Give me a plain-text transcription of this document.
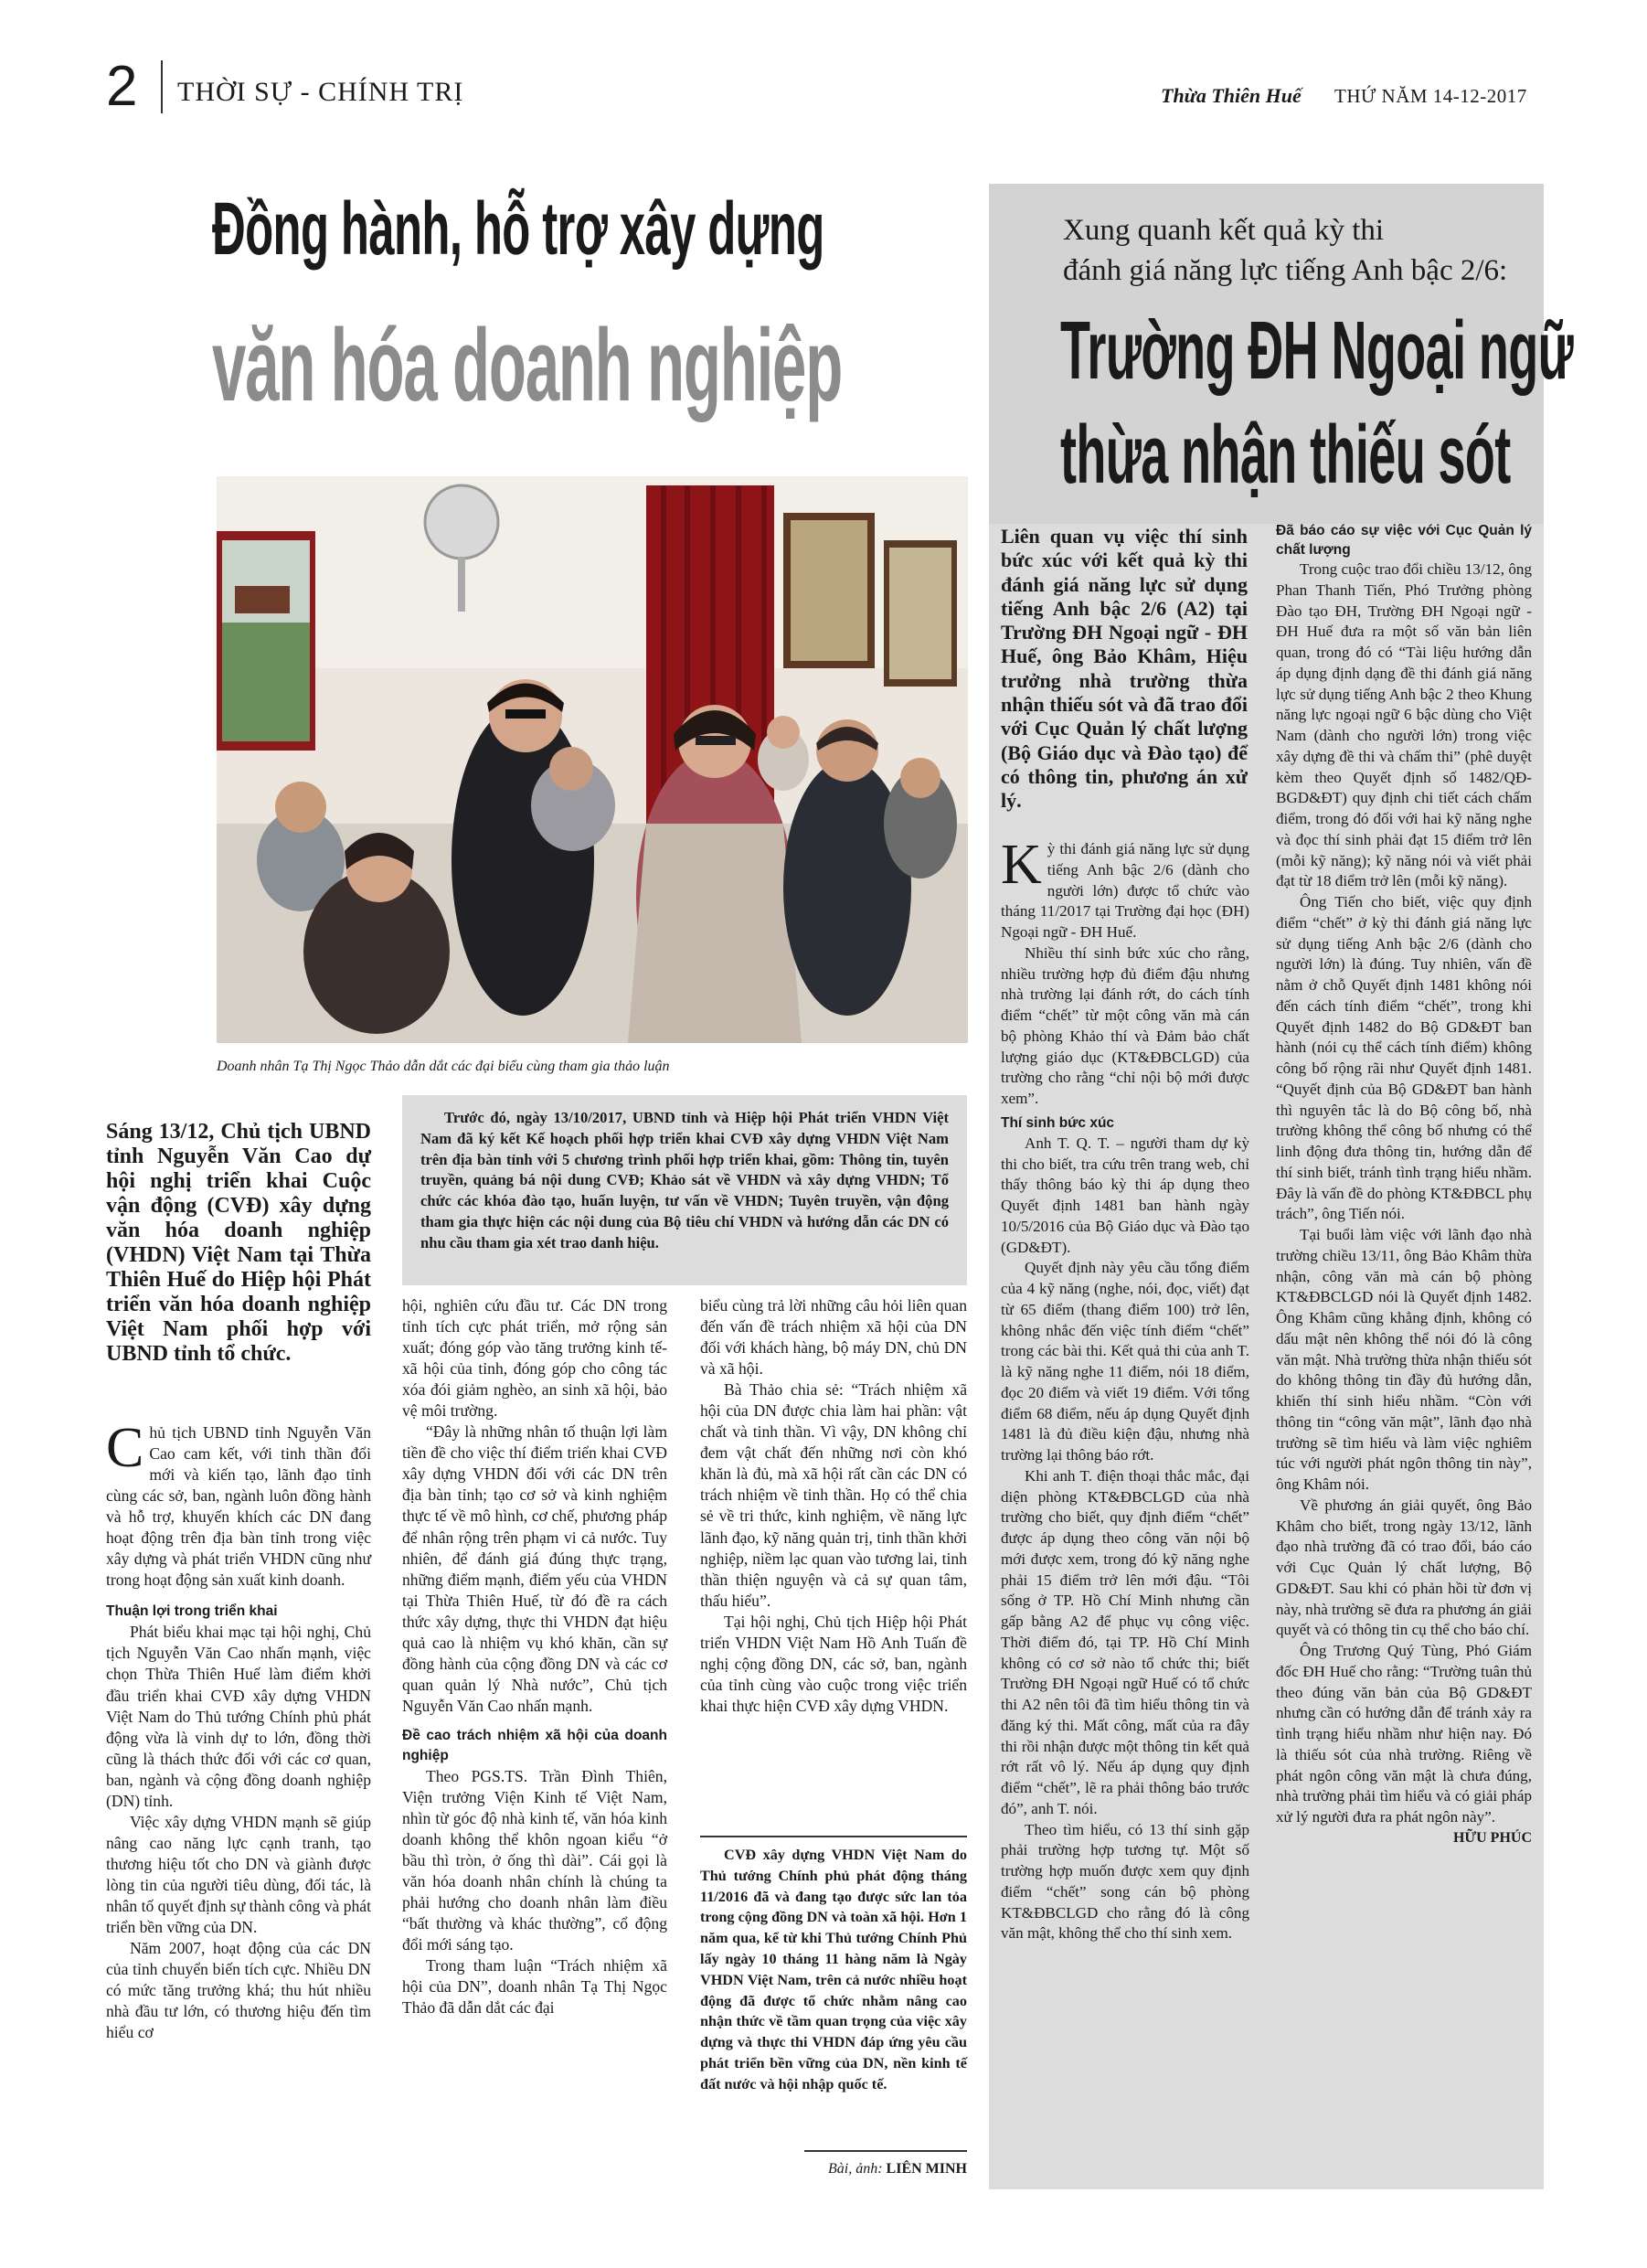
2 THỜI SỰ - CHÍNH TRỊ	Thừa Thiên Huế THỨ NĂM 14-12-2017
Đồng hành, hỗ trợ xây dựng
văn hóa doanh nghiệp
Doanh nhân Tạ Thị Ngọc Thảo dẫn dắt các đại biểu cùng tham gia thảo luận
Sáng 13/12, Chủ tịch UBND tỉnh Nguyễn Văn Cao dự hội nghị triển khai Cuộc vận động (CVĐ) xây dựng văn hóa doanh nghiệp (VHDN) Việt Nam tại Thừa Thiên Huế do Hiệp hội Phát triển văn hóa doanh nghiệp Việt Nam phối hợp với UBND tỉnh tổ chức.

Trước đó, ngày 13/10/2017, UBND tỉnh và Hiệp hội Phát triển VHDN Việt Nam đã ký kết Kế hoạch phối hợp triển khai CVĐ xây dựng VHDN Việt Nam trên địa bàn tỉnh với 5 chương trình phối hợp triển khai, gồm: Thông tin, tuyên truyền, quảng bá nội dung CVĐ; Khảo sát về VHDN và xây dựng VHDN; Tổ chức các khóa đào tạo, huấn luyện, tư vấn về VHDN; Tuyên truyền, vận động tham gia thực hiện các nội dung của Bộ tiêu chí VHDN và hướng dẫn các DN có nhu cầu tham gia xét trao danh hiệu.

Chủ tịch UBND tỉnh Nguyễn Văn Cao cam kết, với tinh thần đổi mới và kiến tạo, lãnh đạo tỉnh cùng các sở, ban, ngành luôn đồng hành và hỗ trợ, khuyến khích các DN đang hoạt động trên địa bàn tỉnh trong việc xây dựng và phát triển VHDN cũng như trong hoạt động sản xuất kinh doanh.

Thuận lợi trong triển khai

Phát biểu khai mạc tại hội nghị, Chủ tịch Nguyễn Văn Cao nhấn mạnh, việc chọn Thừa Thiên Huế làm điểm khởi đầu triển khai CVĐ xây dựng VHDN Việt Nam do Thủ tướng Chính phủ phát động vừa là vinh dự to lớn, đồng thời cũng là thách thức đối với các cơ quan, ban, ngành và cộng đồng doanh nghiệp (DN) tỉnh.

Việc xây dựng VHDN mạnh sẽ giúp nâng cao năng lực cạnh tranh, tạo thương hiệu tốt cho DN và giành được lòng tin của người tiêu dùng, đối tác, là nhân tố quyết định sự thành công và phát triển bền vững của DN.

Năm 2007, hoạt động của các DN của tỉnh chuyển biến tích cực. Nhiều DN có mức tăng trưởng khá; thu hút nhiều nhà đầu tư lớn, có thương hiệu đến tìm hiểu cơ

hội, nghiên cứu đầu tư. Các DN trong tỉnh tích cực phát triển, mở rộng sản xuất; đóng góp vào tăng trưởng kinh tế- xã hội của tỉnh, đóng góp cho công tác xóa đói giảm nghèo, an sinh xã hội, bảo vệ môi trường.

“Đây là những nhân tố thuận lợi làm tiền đề cho việc thí điểm triển khai CVĐ xây dựng VHDN đối với các DN trên địa bàn tỉnh; tạo cơ sở và kinh nghiệm thực tế về mô hình, cơ chế, phương pháp để nhân rộng trên phạm vi cả nước. Tuy nhiên, để đánh giá đúng thực trạng, những điểm mạnh, điểm yếu của VHDN tại Thừa Thiên Huế, từ đó đề ra cách thức xây dựng, thực thi VHDN đạt hiệu quả cao là nhiệm vụ khó khăn, cần sự đồng hành của cộng đồng DN và các cơ quan quản lý Nhà nước”, Chủ tịch Nguyễn Văn Cao nhấn mạnh.

Đề cao trách nhiệm xã hội của doanh nghiệp

Theo PGS.TS. Trần Đình Thiên, Viện trưởng Viện Kinh tế Việt Nam, nhìn từ góc độ nhà kinh tế, văn hóa kinh doanh không thể khôn ngoan kiểu “ở bầu thì tròn, ở ống thì dài”. Cái gọi là văn hóa doanh nhân chính là chúng ta phải hướng cho doanh nhân làm điều “bất thường và khác thường”, cổ động đổi mới sáng tạo.

Trong tham luận “Trách nhiệm xã hội của DN”, doanh nhân Tạ Thị Ngọc Thảo đã dẫn dắt các đại

biểu cùng trả lời những câu hỏi liên quan đến vấn đề trách nhiệm xã hội của DN đối với khách hàng, bộ máy DN, chủ DN và xã hội.

Bà Thảo chia sẻ: “Trách nhiệm xã hội của DN được chia làm hai phần: vật chất và tinh thần. Vì vậy, DN không chỉ đem vật chất đến những nơi còn khó khăn là đủ, mà xã hội rất cần các DN có trách nhiệm về tinh thần. Họ có thể chia sẻ về tri thức, kinh nghiệm, về năng lực lãnh đạo, kỹ năng quản trị, tinh thần khởi nghiệp, niềm lạc quan vào tương lai, tinh thần thiện nguyện và cả sự quan tâm, thấu hiểu”.

Tại hội nghị, Chủ tịch Hiệp hội Phát triển VHDN Việt Nam Hồ Anh Tuấn đề nghị cộng đồng DN, các sở, ban, ngành của tỉnh cùng vào cuộc trong việc triển khai thực hiện CVĐ xây dựng VHDN.

CVĐ xây dựng VHDN Việt Nam do Thủ tướng Chính phủ phát động tháng 11/2016 đã và đang tạo được sức lan tỏa trong cộng đồng DN và toàn xã hội. Hơn 1 năm qua, kể từ khi Thủ tướng Chính Phủ lấy ngày 10 tháng 11 hàng năm là Ngày VHDN Việt Nam, trên cả nước nhiều hoạt động đã được tổ chức nhằm nâng cao nhận thức về tầm quan trọng của việc xây dựng và thực thi VHDN đáp ứng yêu cầu phát triển bền vững của DN, nền kinh tế đất nước và hội nhập quốc tế.

Bài, ảnh: LIÊN MINH
Xung quanh kết quả kỳ thi
đánh giá năng lực tiếng Anh bậc 2/6:
Trường ĐH Ngoại ngữ
thừa nhận thiếu sót
Liên quan vụ việc thí sinh bức xúc với kết quả kỳ thi đánh giá năng lực sử dụng tiếng Anh bậc 2/6 (A2) tại Trường ĐH Ngoại ngữ - ĐH Huế, ông Bảo Khâm, Hiệu trưởng nhà trường thừa nhận thiếu sót và đã trao đổi với Cục Quản lý chất lượng (Bộ Giáo dục và Đào tạo) để có thông tin, phương án xử lý.

Kỳ thi đánh giá năng lực sử dụng tiếng Anh bậc 2/6 (dành cho người lớn) được tổ chức vào tháng 11/2017 tại Trường đại học (ĐH) Ngoại ngữ - ĐH Huế.

Nhiều thí sinh bức xúc cho rằng, nhiều trường hợp đủ điểm đậu nhưng nhà trường lại đánh rớt, do cách tính điểm “chết” từ một công văn mà cán bộ phòng Khảo thí và Đảm bảo chất lượng giáo dục (KT&ĐBCLGD) của trường cho rằng “chỉ nội bộ mới được xem”.

Thí sinh bức xúc

Anh T. Q. T. – người tham dự kỳ thi cho biết, tra cứu trên trang web, chỉ thấy thông báo kỳ thi áp dụng theo Quyết định 1481 ban hành ngày 10/5/2016 của Bộ Giáo dục và Đào tạo (GD&ĐT).

Quyết định này yêu cầu tổng điểm của 4 kỹ năng (nghe, nói, đọc, viết) đạt từ 65 điểm (thang điểm 100) trở lên, không nhắc đến việc tính điểm “chết” trong các bài thi. Kết quả thi của anh T. là kỹ năng nghe 11 điểm, nói 18 điểm, đọc 20 điểm và viết 19 điểm. Với tổng điểm 68 điểm, nếu áp dụng Quyết định 1481 là đủ điều kiện đậu, nhưng nhà trường lại thông báo rớt.

Khi anh T. điện thoại thắc mắc, đại diện phòng KT&ĐBCLGD của nhà trường cho biết, quy định điểm “chết” được áp dụng theo công văn nội bộ mới được xem, trong đó kỹ năng nghe phải 15 điểm trở lên mới đậu. “Tôi sống ở TP. Hồ Chí Minh nhưng cần gấp bằng A2 để phục vụ công việc. Thời điểm đó, tại TP. Hồ Chí Minh không có cơ sở nào tổ chức thi; biết Trường ĐH Ngoại ngữ Huế có tổ chức thi A2 nên tôi đã tìm hiểu thông tin và đăng ký thi. Mất công, mất của ra đây thi rồi nhận được một thông tin kết quả rớt rất vô lý. Nếu áp dụng quy định điểm “chết”, lẽ ra phải thông báo trước đó”, anh T. nói.

Theo tìm hiểu, có 13 thí sinh gặp phải trường hợp tương tự. Một số trường hợp muốn được xem quy định điểm “chết” song cán bộ phòng KT&ĐBCLGD cho rằng đó là công văn mật, không thể cho thí sinh xem.

Đã báo cáo sự việc với Cục Quản lý chất lượng

Trong cuộc trao đổi chiều 13/12, ông Phan Thanh Tiến, Phó Trưởng phòng Đào tạo ĐH, Trường ĐH Ngoại ngữ - ĐH Huế đưa ra một số văn bản liên quan, trong đó có “Tài liệu hướng dẫn áp dụng định dạng đề thi đánh giá năng lực sử dụng tiếng Anh bậc 2 theo Khung năng lực ngoại ngữ 6 bậc dùng cho Việt Nam (dành cho người lớn) trong việc xây dựng đề thi và chấm thi” (phê duyệt kèm theo Quyết định số 1482/QĐ-BGD&ĐT) quy định chi tiết cách chấm điểm, trong đó đối với hai kỹ năng nghe và đọc thí sinh phải đạt 15 điểm trở lên (mỗi kỹ năng); kỹ năng nói và viết phải đạt từ 18 điểm trở lên (mỗi kỹ năng).

Ông Tiến cho biết, việc quy định điểm “chết” ở kỳ thi đánh giá năng lực sử dụng tiếng Anh bậc 2/6 (dành cho người lớn) là đúng. Tuy nhiên, vấn đề nằm ở chỗ Quyết định 1481 không nói đến cách tính điểm “chết”, trong khi Quyết định 1482 do Bộ GD&ĐT ban hành (nói cụ thể cách tính điểm) không công bố rộng rãi như Quyết định 1481. “Quyết định của Bộ GD&ĐT ban hành thì nguyên tắc là do Bộ công bố, nhà trường không thể công bố nhưng có thể linh động đưa thông tin, hướng dẫn để thí sinh biết, tránh tình trạng hiểu nhầm. Đây là vấn đề do phòng KT&ĐBCL phụ trách”, ông Tiến nói.

Tại buổi làm việc với lãnh đạo nhà trường chiều 13/11, ông Bảo Khâm thừa nhận, công văn mà cán bộ phòng KT&ĐBCLGD nói là Quyết định 1482. Ông Khâm cũng khẳng định, không có dấu mật nên không thể nói đó là công văn mật. Nhà trường thừa nhận thiếu sót do không thông tin đầy đủ hướng dẫn, khiến thí sinh hiểu nhầm. “Còn với thông tin “công văn mật”, lãnh đạo nhà trường sẽ tìm hiểu và làm việc nghiêm túc với người phát ngôn thông tin này”, ông Khâm nói.

Về phương án giải quyết, ông Bảo Khâm cho biết, trong ngày 13/12, lãnh đạo nhà trường đã có trao đổi, báo cáo với Cục Quản lý chất lượng, Bộ GD&ĐT. Sau khi có phản hồi từ đơn vị này, nhà trường sẽ đưa ra phương án giải quyết và có thông tin cụ thể cho báo chí.

Ông Trương Quý Tùng, Phó Giám đốc ĐH Huế cho rằng: “Trường tuân thủ theo đúng văn bản của Bộ GD&ĐT nhưng cần có hướng dẫn để tránh xảy ra tình trạng hiểu nhầm như hiện nay. Đó là thiếu sót của nhà trường. Riêng về phát ngôn công văn mật là chưa đúng, nhà trường phải tìm hiểu và có giải pháp xử lý người đưa ra phát ngôn này”.

HỮU PHÚC
